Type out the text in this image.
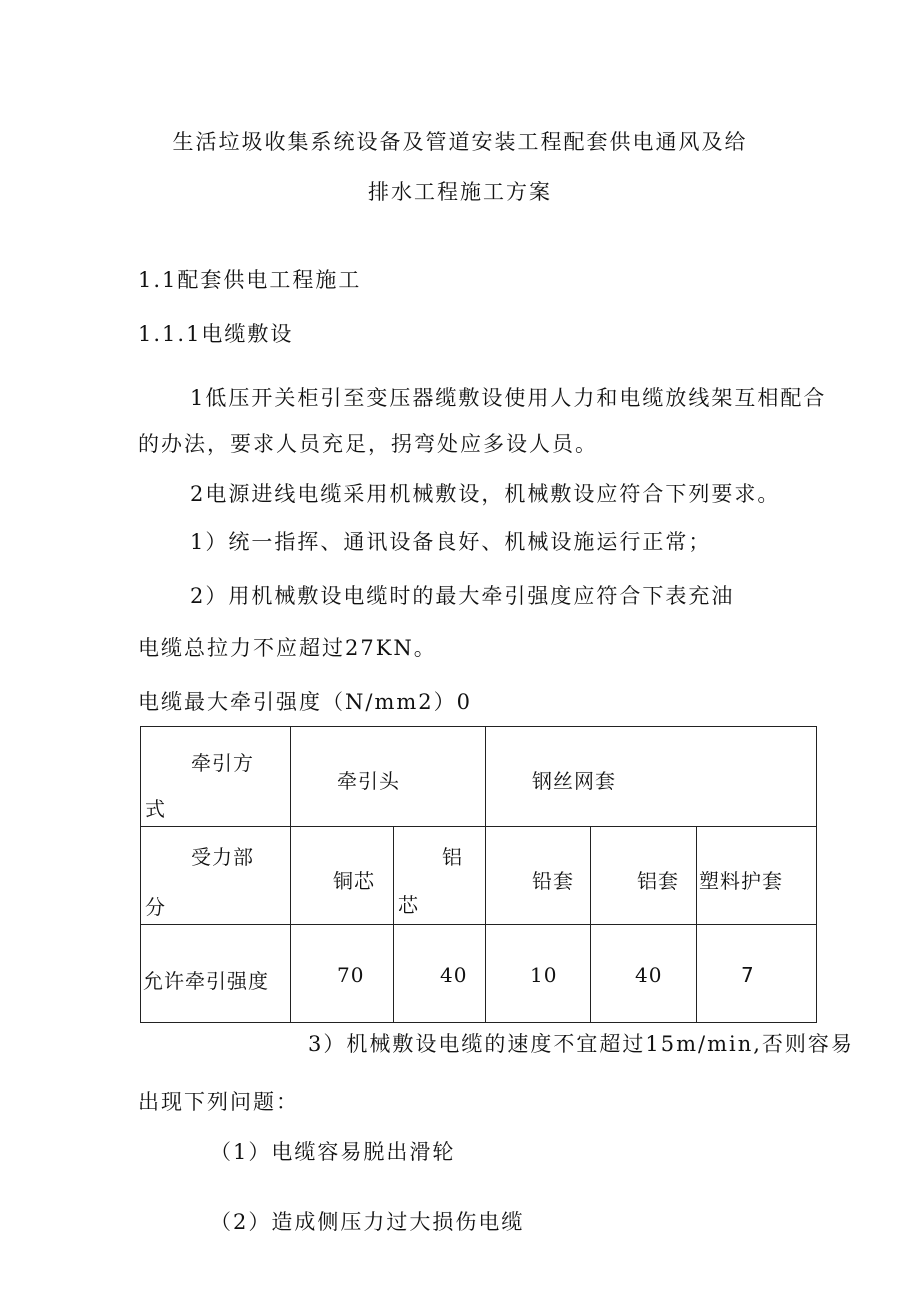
生活垃圾收集系统设备及管道安装工程配套供电通风及给
排水工程施工方案
1.1配套供电工程施工
1.1.1电缆敷设
1低压开关柜引至变压器缆敷设使用人力和电缆放线架互相配合
的办法，要求人员充足，拐弯处应多设人员。
2电源进线电缆采用机械敷设，机械敷设应符合下列要求。
1）统一指挥、通讯设备良好、机械设施运行正常；
2）用机械敷设电缆时的最大牵引强度应符合下表充油
电缆总拉力不应超过27KN。
电缆最大牵引强度（N/mm2）0
牵引方
式	牵引头		钢丝网套		

受力部
分	铜芯	铝
芯	铅套	铝套	塑料护套

允许牵引强度	70	40	10	40	7
3）机械敷设电缆的速度不宜超过15m/min,否则容易
出现下列问题：
（1）电缆容易脱出滑轮
（2）造成侧压力过大损伤电缆
